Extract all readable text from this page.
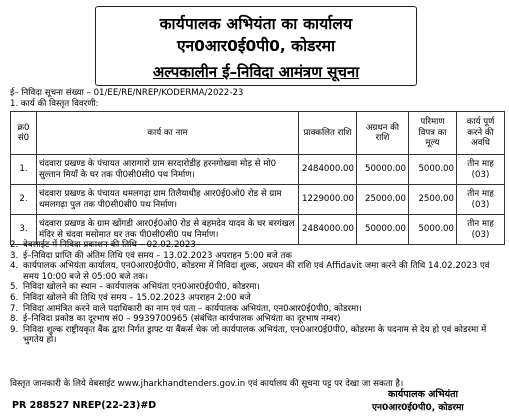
कार्यपालक अभियंता का कार्यालय
एन0आर0ई0पी0, कोडरमा
अल्पकालीन ई–निविदा आमंत्रण सूचना
ई– निविदा सूचना संख्या – 01/EE/RE/NREP/KODERMA/2022-23
1. कार्य की विस्तृत विवरणी:
क्र0 सं0	कार्य का नाम	प्राक्कलित राशि	अग्रधन की राशि	परिमाण विपत्र का मूल्य	कार्य पूर्ण करने की अवधि
1.	चंदवारा प्रखण्ड के पंचायत आरागारो ग्राम सरदारोडीह हरनगोखवा मोड़ से मो0 सुल्तान मियाँ के घर तक पी0सी0सी0 पथ निर्माण।	2484000.00	50000.00	5000.00	तीन माह (03)
2.	चंदवारा प्रखण्ड के पंचायत थमलगढ़ा ग्राम तिलैयाधीह आर0ई0ओ0 रोड से ग्राम थमलगढ़ा पुल तक पी0सी0सी0 पथ निर्माण।	1229000.00	25000.00	2500.00	तीन माह (03)
3.	चंदवारा प्रखण्ड के ग्राम खोंगडी आर0ई0ओ0 रोड से बहमदेव यादव के घर बरगंखल मंदिर से चंदवा मसोमात घर तक पी0सी0सी0 पथ निर्माण।	2484000.00	50000.00	5000.00	तीन माह (03)
2. वेबसाईट में निविदा प्रकाशन की तिथि – 02.02.2023
3. ई–निविदा प्राप्ति की अंतिम तिथि एवं समय – 13.02.2023 अपराहन 5:00 बजे तक
4. कार्यपालक अभियंता कार्यालय, एन0आर0ई0पी0, कोडरमा में निविदा शुल्क, अग्रधन की राशि एवं Affidavit जमा करने की तिथि 14.02.2023 एवं समय 10:00 बजे से 05:00 बजे तक।
5. निविदा खोलने का स्थान – कार्यपालक अभियंता एन0आर0ई0पी0, कोडरमा।
6. निविदा खोलने की तिथि एवं समय – 15.02.2023 अपराहन 2:00 बजे
7. निविदा आमंत्रित करने वाले पदाधिकारी का नाम एवं पता – कार्यपालक अभियंता, एन0आर0ई0पी0, कोडरमा।
8. ई–निविदा प्रकोष्ठ का दूरभाष सं0 – 9939700965 (संबंधित कार्यपालक अभियंता का दूरभाष नम्बर)
9. निविदा शुल्क राष्ट्रीयकृत बैंक द्वारा निर्गत ड्राफ्ट या बैंकर्स चेक जो कार्यपालक अभियंता, एन0आर0ई0पी0, कोडरमा के पदनाम से देय हो एवं कोडरमा में भुगतेय हो।
विस्तृत जानकारी के लिये वेबसाईट www.jharkhandtenders.gov.in एवं कार्यालय की सूचना पट्ट पर देखा जा सकता है।
कार्यपालक अभियंता
एन0आर0ई0पी0, कोडरमा
PR 288527 NREP(22-23)#D
